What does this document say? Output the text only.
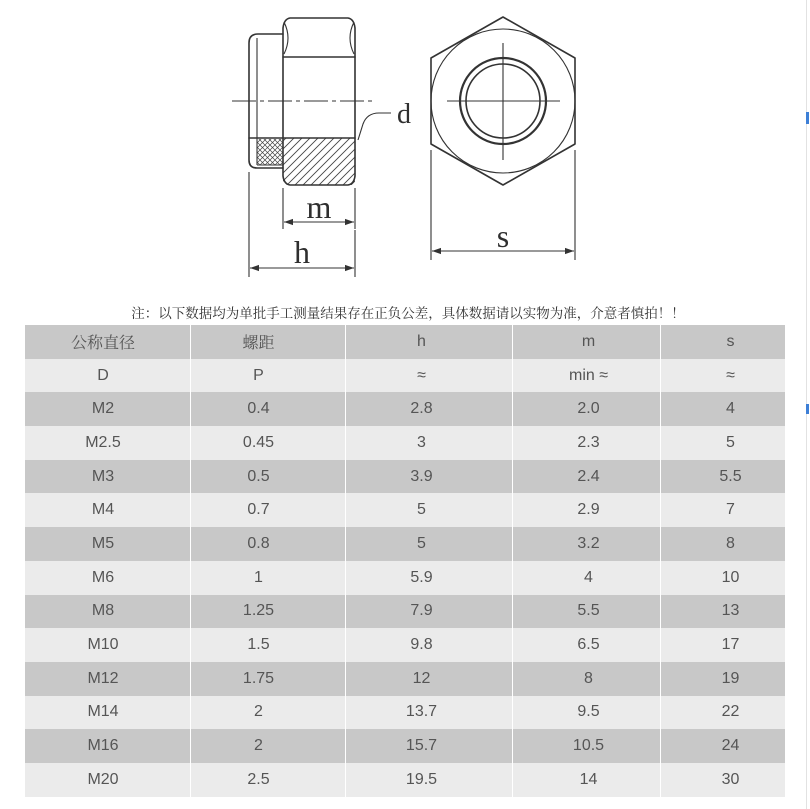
d
m
h	s
注：以下数据均为单批手工测量结果存在正负公差，具体数据请以实物为准，介意者慎拍！！
公称直径	螺距	h	m	s
D	P	≈	min ≈	≈
M2	0.4	2.8	2.0	4
M2.5	0.45	3	2.3	5
M3	0.5	3.9	2.4	5.5
M4	0.7	5	2.9	7
M5	0.8	5	3.2	8
M6	1	5.9	4	10
M8	1.25	7.9	5.5	13
M10	1.5	9.8	6.5	17
M12	1.75	12	8	19
M14	2	13.7	9.5	22
M16	2	15.7	10.5	24
M20	2.5	19.5	14	30
